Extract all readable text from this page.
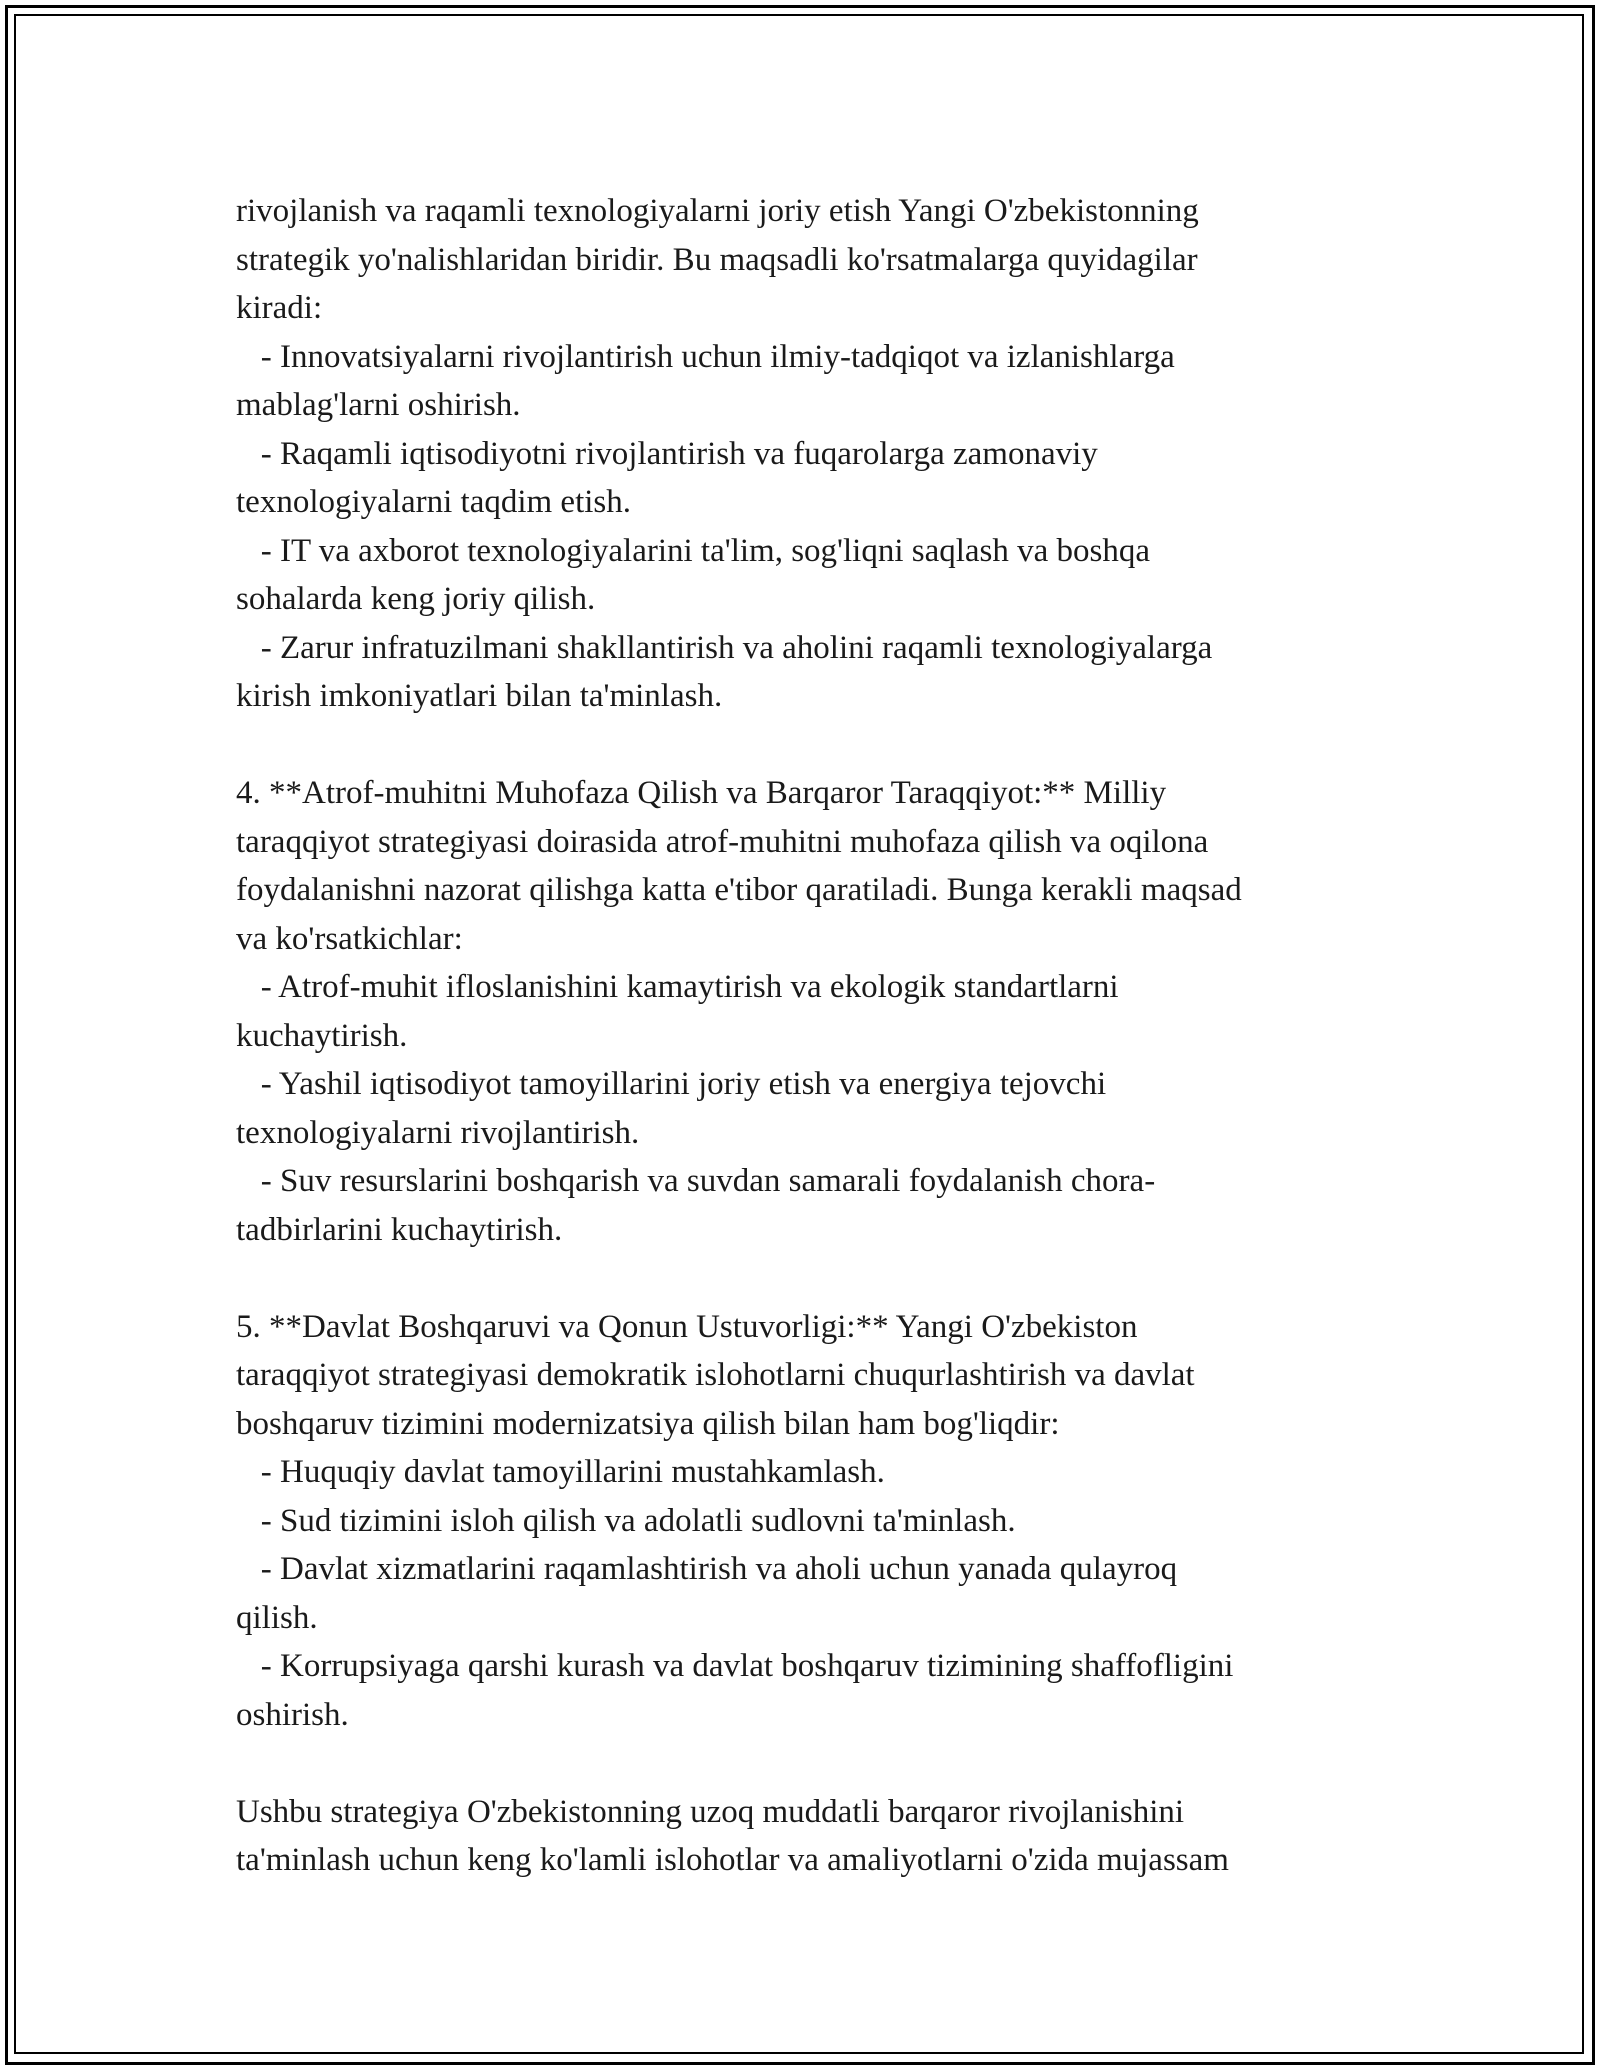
rivojlanish va raqamli texnologiyalarni joriy etish Yangi O'zbekistonning
strategik yo'nalishlaridan biridir. Bu maqsadli ko'rsatmalarga quyidagilar
kiradi:
- Innovatsiyalarni rivojlantirish uchun ilmiy-tadqiqot va izlanishlarga
mablag'larni oshirish.
- Raqamli iqtisodiyotni rivojlantirish va fuqarolarga zamonaviy
texnologiyalarni taqdim etish.
- IT va axborot texnologiyalarini ta'lim, sog'liqni saqlash va boshqa
sohalarda keng joriy qilish.
- Zarur infratuzilmani shakllantirish va aholini raqamli texnologiyalarga
kirish imkoniyatlari bilan ta'minlash.
4. **Atrof-muhitni Muhofaza Qilish va Barqaror Taraqqiyot:** Milliy
taraqqiyot strategiyasi doirasida atrof-muhitni muhofaza qilish va oqilona
foydalanishni nazorat qilishga katta e'tibor qaratiladi. Bunga kerakli maqsad
va ko'rsatkichlar:
- Atrof-muhit ifloslanishini kamaytirish va ekologik standartlarni
kuchaytirish.
- Yashil iqtisodiyot tamoyillarini joriy etish va energiya tejovchi
texnologiyalarni rivojlantirish.
- Suv resurslarini boshqarish va suvdan samarali foydalanish chora-
tadbirlarini kuchaytirish.
5. **Davlat Boshqaruvi va Qonun Ustuvorligi:** Yangi O'zbekiston
taraqqiyot strategiyasi demokratik islohotlarni chuqurlashtirish va davlat
boshqaruv tizimini modernizatsiya qilish bilan ham bog'liqdir:
- Huquqiy davlat tamoyillarini mustahkamlash.
- Sud tizimini isloh qilish va adolatli sudlovni ta'minlash.
- Davlat xizmatlarini raqamlashtirish va aholi uchun yanada qulayroq
qilish.
- Korrupsiyaga qarshi kurash va davlat boshqaruv tizimining shaffofligini
oshirish.
Ushbu strategiya O'zbekistonning uzoq muddatli barqaror rivojlanishini
ta'minlash uchun keng ko'lamli islohotlar va amaliyotlarni o'zida mujassam
